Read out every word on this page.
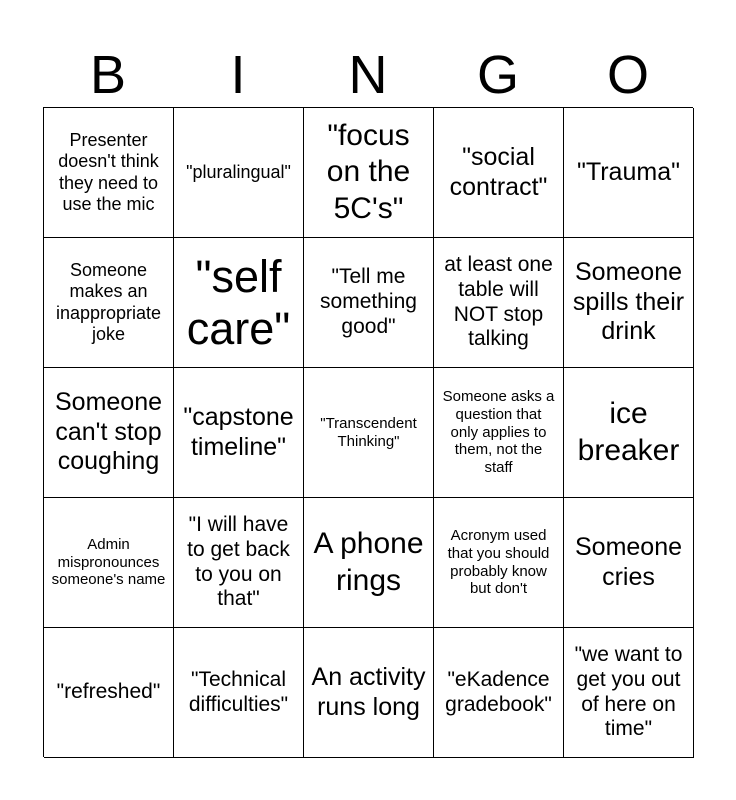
B	I	N	G	O
Presenter doesn't think they need to use the mic
"pluralingual"
"focus on the 5C's"
"social contract"
"Trauma"
Someone makes an inappropriate joke
"self care"
"Tell me something good"
at least one table will NOT stop talking
Someone spills their drink
Someone can't stop coughing
"capstone timeline"
"Transcendent Thinking"
Someone asks a question that only applies to them, not the staff
ice breaker
Admin mispronounces someone's name
"I will have to get back to you on that"
A phone rings
Acronym used that you should probably know but don't
Someone cries
"refreshed"
"Technical difficulties"
An activity runs long
"eKadence gradebook"
"we want to get you out of here on time"
